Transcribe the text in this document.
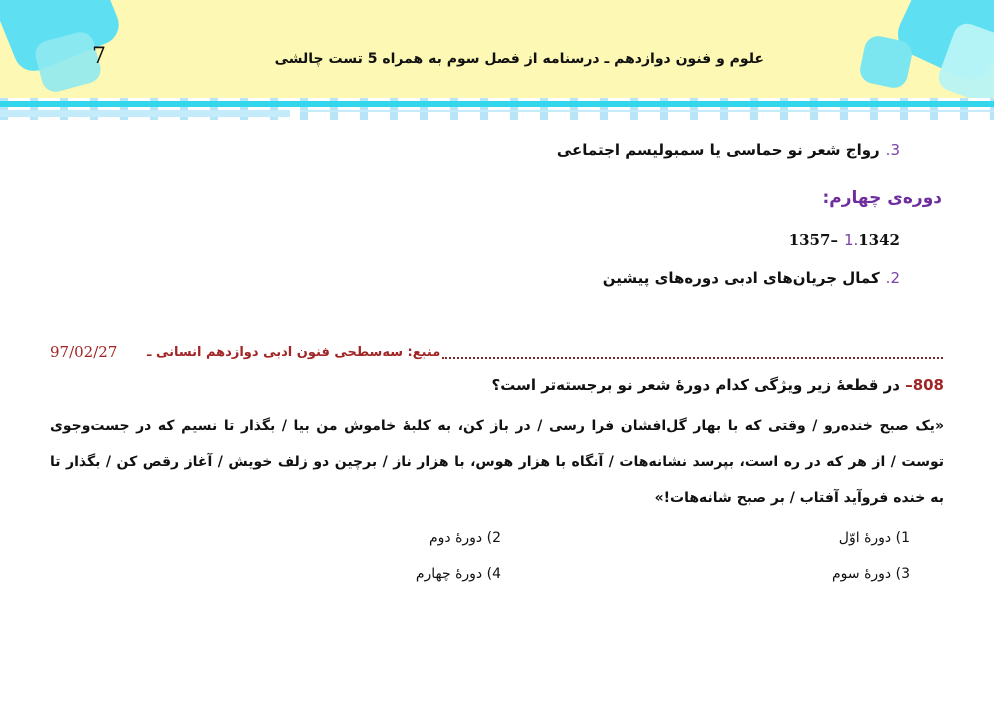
7	علوم و فنون دوازدهم ـ درسنامه از فصل سوم به همراه 5 تست چالشی
3.رواج شعر نو حماسی یا سمبولیسم اجتماعی
دوره‌ی چهارم:
1.1342–1357
2.کمال جریان‌های ادبی دوره‌های پیشین
97/02/27 منبع: سه‌سطحی فنون ادبی دوازدهم انسانی ـ
808– در قطعهٔ زیر ویژگی کدام دورهٔ شعر نو برجسته‌تر است؟
«یک صبح خنده‌رو / وقتی که با بهار گل‌افشان فرا رسی / در باز کن، به کلبهٔ خاموش من بیا / بگذار تا نسیم که در جست‌وجوی توست / از هر که در ره است، بپرسد نشانه‌هات / آنگاه با هزار هوس، با هزار ناز / برچین دو زلف خویش / آغاز رقص کن / بگذار تا به خنده فروآید آفتاب / بر صبح شانه‌هات!»
1) دورهٔ اوّل
2) دورهٔ دوم
3) دورهٔ سوم
4) دورهٔ چهارم
